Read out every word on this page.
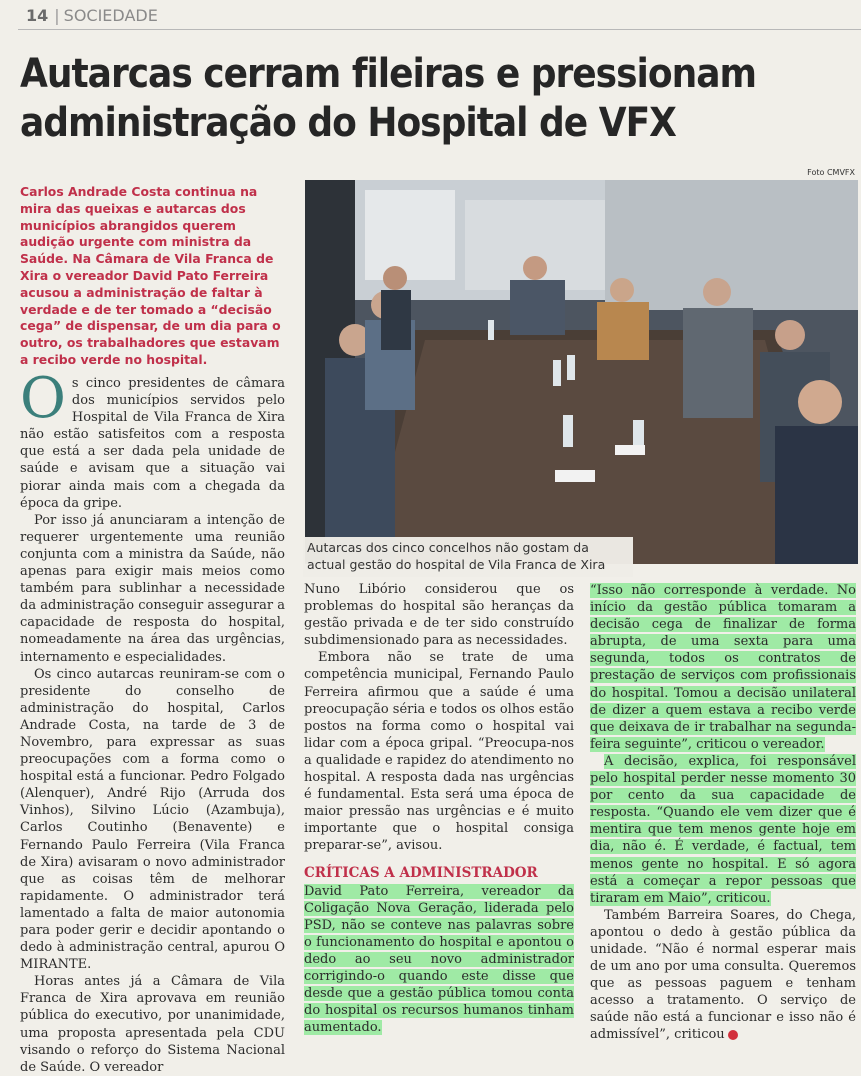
14 | SOCIEDADE
Autarcas cerram fileiras e pressionam
administração do Hospital de VFX
Foto CMVFX

Carlos Andrade Costa continua na mira das queixas e autarcas dos municípios abrangidos querem audição urgente com ministra da Saúde. Na Câmara de Vila Franca de Xira o vereador David Pato Ferreira acusou a administração de faltar à verdade e de ter tomado a “decisão cega” de dispensar, de um dia para o outro, os trabalhadores que estavam a recibo verde no hospital.

Autarcas dos cinco concelhos não gostam da actual gestão do hospital de Vila Franca de Xira

Os cinco presidentes de câmara dos municípios servidos pelo Hospital de Vila Franca de Xira não estão satisfeitos com a resposta que está a ser dada pela unidade de saúde e avisam que a situação vai piorar ainda mais com a chegada da época da gripe.

Por isso já anunciaram a intenção de requerer urgentemente uma reunião conjunta com a ministra da Saúde, não apenas para exigir mais meios como também para sublinhar a necessidade da administração conseguir assegurar a capacidade de resposta do hospital, nomeadamente na área das urgências, internamento e especialidades.

Os cinco autarcas reuniram-se com o presidente do conselho de administração do hospital, Carlos Andrade Costa, na tarde de 3 de Novembro, para expressar as suas preocupações com a forma como o hospital está a funcionar. Pedro Folgado (Alenquer), André Rijo (Arruda dos Vinhos), Silvino Lúcio (Azambuja), Carlos Coutinho (Benavente) e Fernando Paulo Ferreira (Vila Franca de Xira) avisaram o novo administrador que as coisas têm de melhorar rapidamente. O administrador terá lamentado a falta de maior autonomia para poder gerir e decidir apontando o dedo à administração central, apurou O MIRANTE.

Horas antes já a Câmara de Vila Franca de Xira aprovava em reunião pública do executivo, por unanimidade, uma proposta apresentada pela CDU visando o reforço do Sistema Nacional de Saúde. O vereador

Nuno Libório considerou que os problemas do hospital são heranças da gestão privada e de ter sido construído subdimensionado para as necessidades.

Embora não se trate de uma competência municipal, Fernando Paulo Ferreira afirmou que a saúde é uma preocupação séria e todos os olhos estão postos na forma como o hospital vai lidar com a época gripal. “Preocupa-nos a qualidade e rapidez do atendimento no hospital. A resposta dada nas urgências é fundamental. Esta será uma época de maior pressão nas urgências e é muito importante que o hospital consiga preparar-se”, avisou.

CRÍTICAS A ADMINISTRADOR

David Pato Ferreira, vereador da Coligação Nova Geração, liderada pelo PSD, não se conteve nas palavras sobre o funcionamento do hospital e apontou o dedo ao seu novo administrador corrigindo-o quando este disse que desde que a gestão pública tomou conta do hospital os recursos humanos tinham aumentado.

“Isso não corresponde à verdade. No início da gestão pública tomaram a decisão cega de finalizar de forma abrupta, de uma sexta para uma segunda, todos os contratos de prestação de serviços com profissionais do hospital. Tomou a decisão unilateral de dizer a quem estava a recibo verde que deixava de ir trabalhar na segunda-feira seguinte”, criticou o vereador.

A decisão, explica, foi responsável pelo hospital perder nesse momento 30 por cento da sua capacidade de resposta. “Quando ele vem dizer que é mentira que tem menos gente hoje em dia, não é. É verdade, é factual, tem menos gente no hospital. E só agora está a começar a repor pessoas que tiraram em Maio”, criticou.

Também Barreira Soares, do Chega, apontou o dedo à gestão pública da unidade. “Não é normal esperar mais de um ano por uma consulta. Queremos que as pessoas paguem e tenham acesso a tratamento. O serviço de saúde não está a funcionar e isso não é admissível”, criticou
